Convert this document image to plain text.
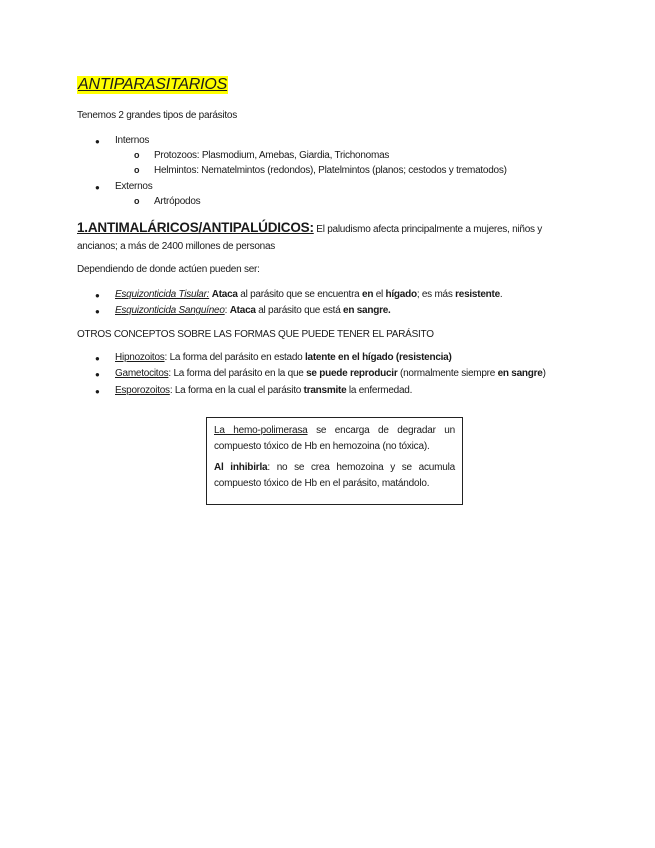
ANTIPARASITARIOS
Tenemos 2 grandes tipos de parásitos
● Internos
o Protozoos: Plasmodium, Amebas, Giardia, Trichonomas
o Helmintos: Nematelmintos (redondos), Platelmintos (planos; cestodos y trematodos)
● Externos
o Artrópodos
1.ANTIMALÁRICOS/ANTIPALÚDICOS: El paludismo afecta principalmente a mujeres, niños y
ancianos; a más de 2400 millones de personas
Dependiendo de donde actúen pueden ser:
● Esquizonticida Tisular: Ataca al parásito que se encuentra en el hígado; es más resistente.
● Esquizonticida Sanguíneo: Ataca al parásito que está en sangre.
OTROS CONCEPTOS SOBRE LAS FORMAS QUE PUEDE TENER EL PARÁSITO
● Hipnozoitos: La forma del parásito en estado latente en el hígado (resistencia)
● Gametocitos: La forma del parásito en la que se puede reproducir (normalmente siempre en sangre)
● Esporozoitos: La forma en la cual el parásito transmite la enfermedad.

La hemo-polimerasa se encarga de degradar un compuesto tóxico de Hb en hemozoina (no tóxica).

Al inhibirla: no se crea hemozoina y se acumula compuesto tóxico de Hb en el parásito, matándolo.
